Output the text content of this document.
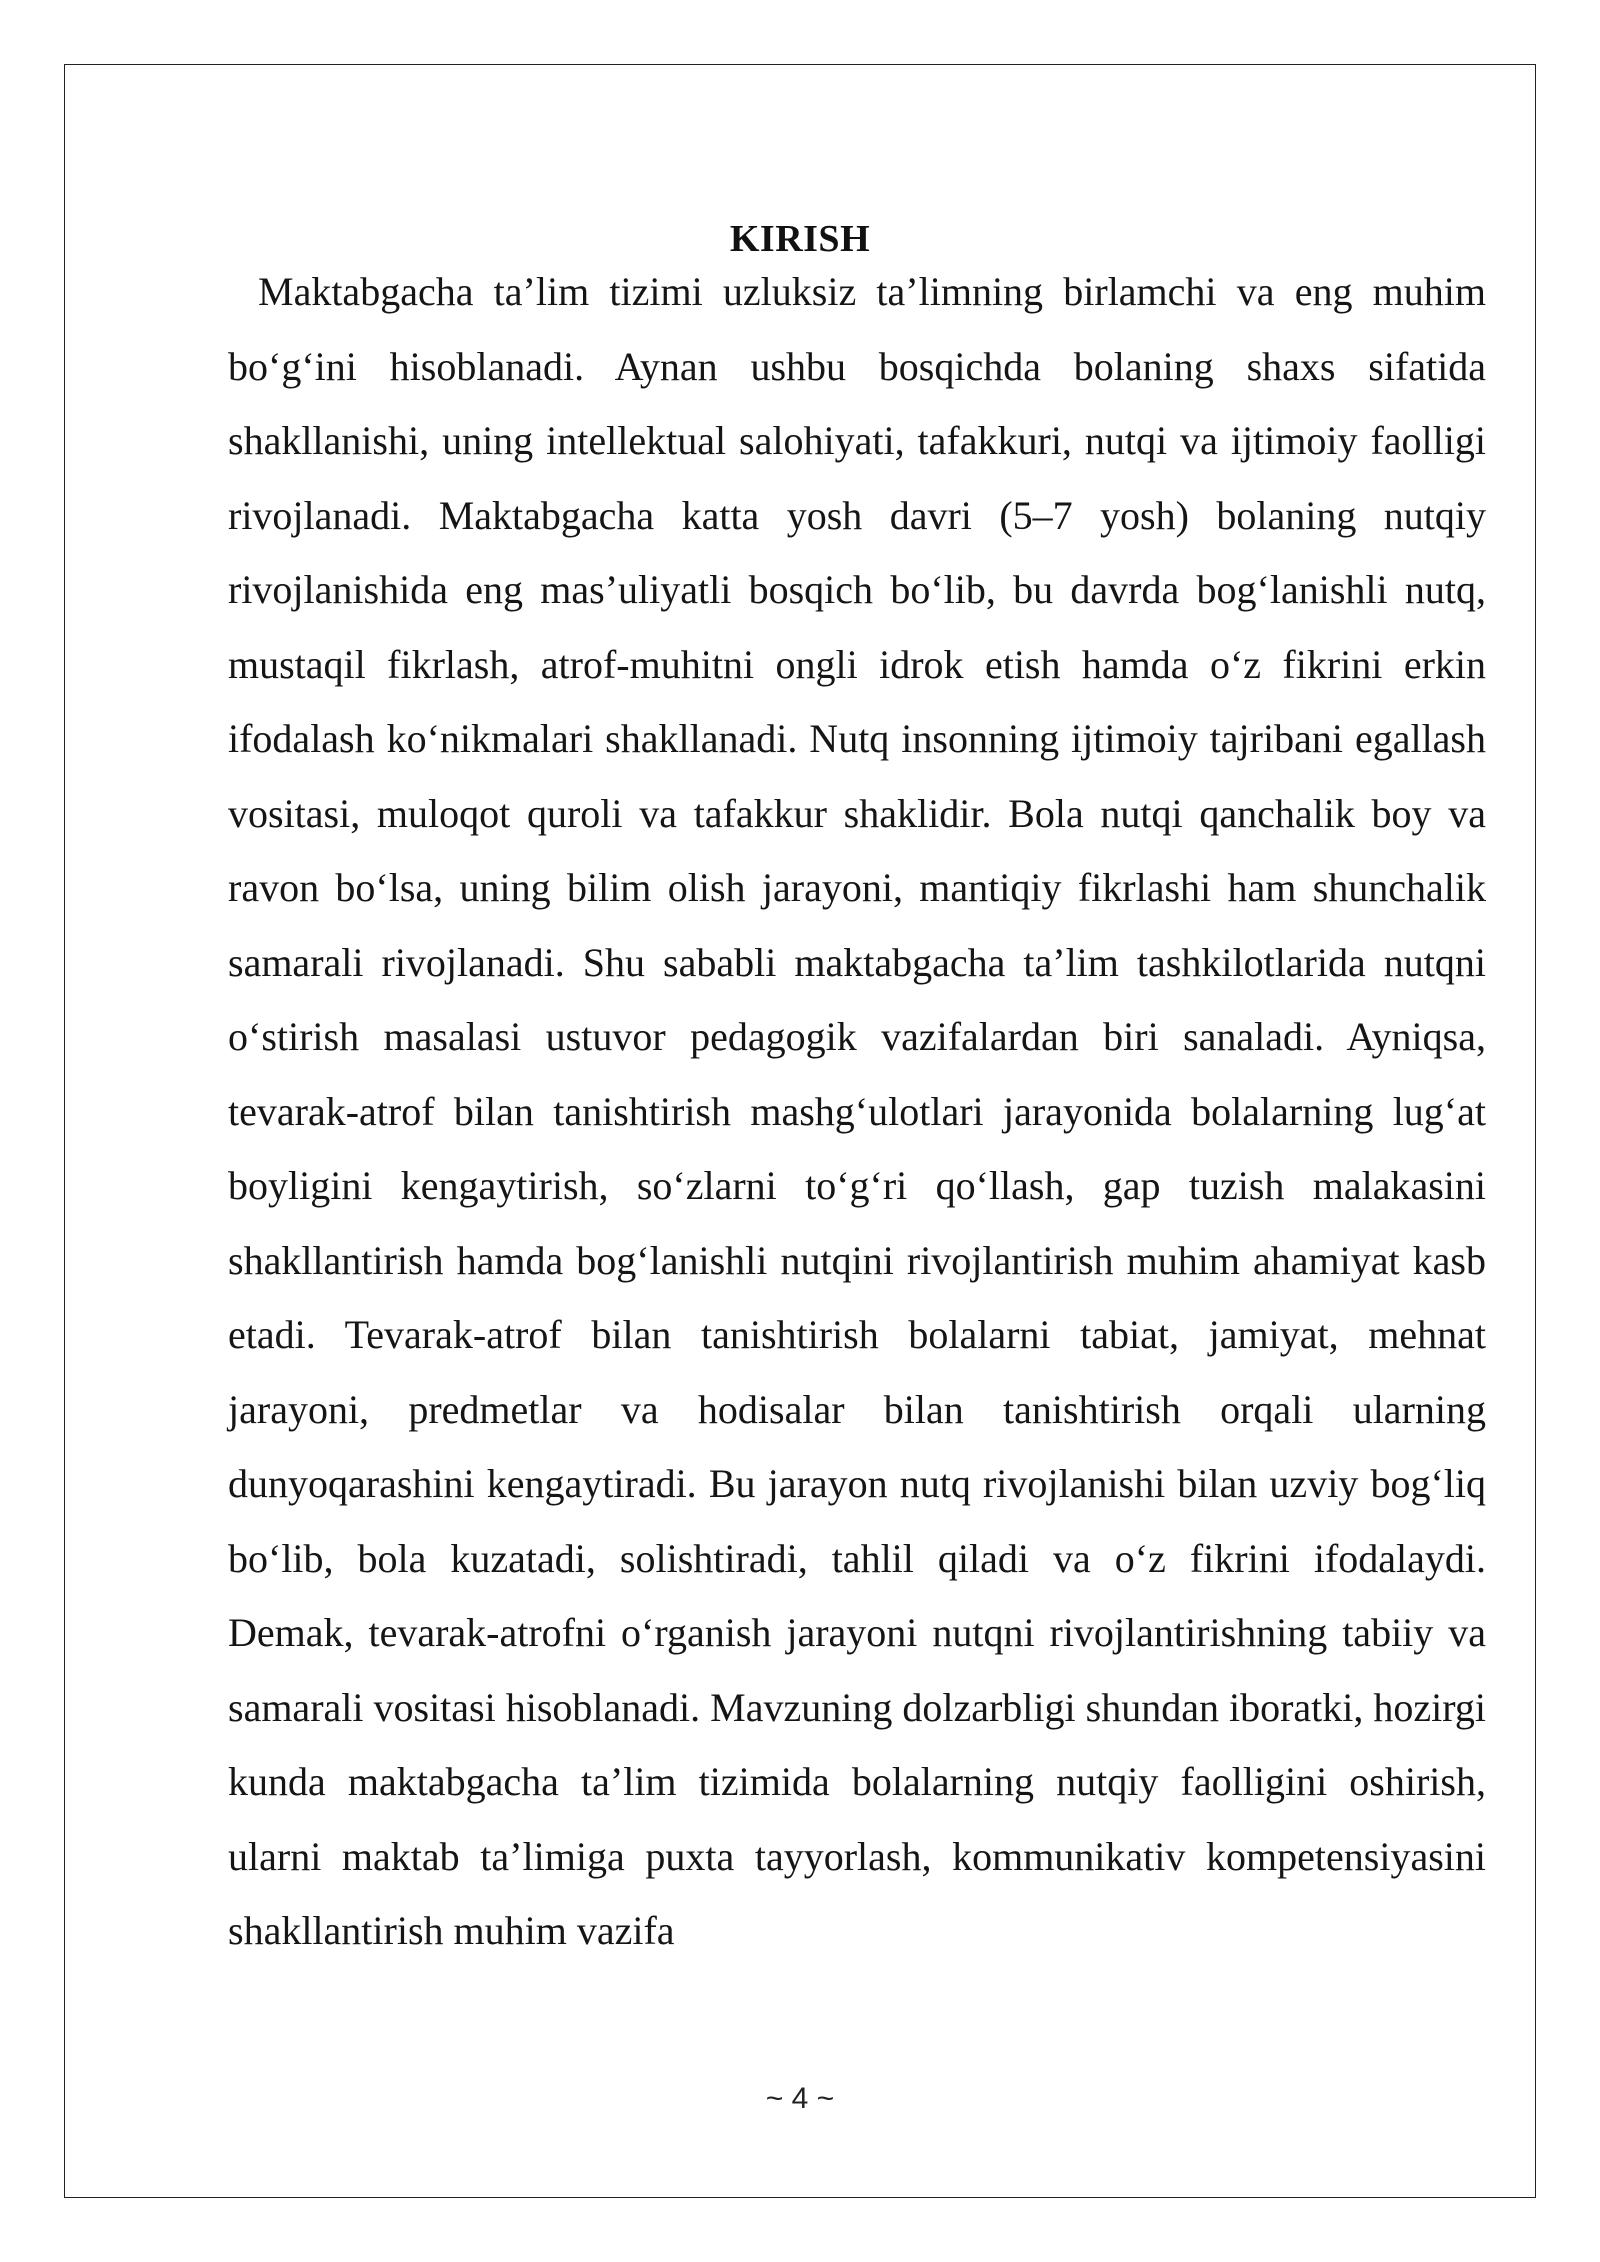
KIRISH

Maktabgacha ta’lim tizimi uzluksiz ta’limning birlamchi va eng muhim bo‘g‘ini hisoblanadi. Aynan ushbu bosqichda bolaning shaxs sifatida shakllanishi, uning intellektual salohiyati, tafakkuri, nutqi va ijtimoiy faolligi rivojlanadi. Maktabgacha katta yosh davri (5–7 yosh) bolaning nutqiy rivojlanishida eng mas’uliyatli bosqich bo‘lib, bu davrda bog‘lanishli nutq, mustaqil fikrlash, atrof-muhitni ongli idrok etish hamda o‘z fikrini erkin ifodalash ko‘nikmalari shakllanadi. Nutq insonning ijtimoiy tajribani egallash vositasi, muloqot quroli va tafakkur shaklidir. Bola nutqi qanchalik boy va ravon bo‘lsa, uning bilim olish jarayoni, mantiqiy fikrlashi ham shunchalik samarali rivojlanadi. Shu sababli maktabgacha ta’lim tashkilotlarida nutqni o‘stirish masalasi ustuvor pedagogik vazifalardan biri sanaladi. Ayniqsa, tevarak-atrof bilan tanishtirish mashg‘ulotlari jarayonida bolalarning lug‘at boyligini kengaytirish, so‘zlarni to‘g‘ri qo‘llash, gap tuzish malakasini shakllantirish hamda bog‘lanishli nutqini rivojlantirish muhim ahamiyat kasb etadi. Tevarak-atrof bilan tanishtirish bolalarni tabiat, jamiyat, mehnat jarayoni, predmetlar va hodisalar bilan tanishtirish orqali ularning dunyoqarashini kengaytiradi. Bu jarayon nutq rivojlanishi bilan uzviy bog‘liq bo‘lib, bola kuzatadi, solishtiradi, tahlil qiladi va o‘z fikrini ifodalaydi. Demak, tevarak-atrofni o‘rganish jarayoni nutqni rivojlantirishning tabiiy va samarali vositasi hisoblanadi. Mavzuning dolzarbligi shundan iboratki, hozirgi kunda maktabgacha ta’lim tizimida bolalarning nutqiy faolligini oshirish, ularni maktab ta’limiga puxta tayyorlash, kommunikativ kompetensiyasini shakllantirish muhim vazifa

~ 4 ~
